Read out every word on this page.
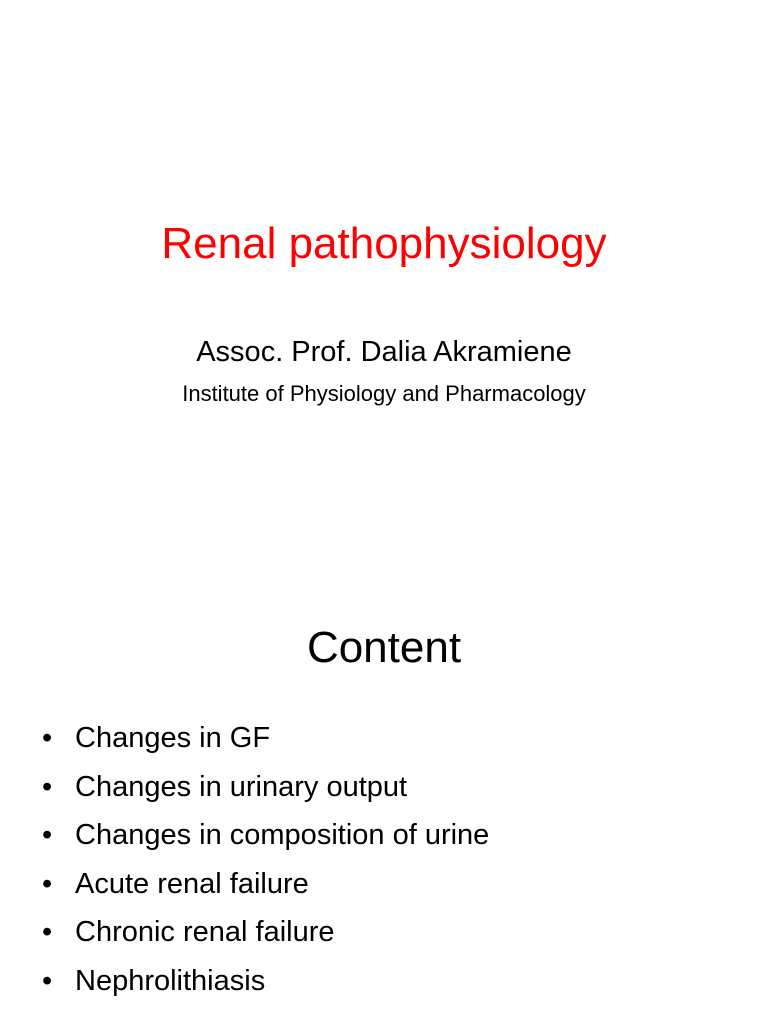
Renal pathophysiology

Assoc. Prof. Dalia Akramiene

Institute of Physiology and Pharmacology

Content
• Changes in GF
• Changes in urinary output
• Changes in composition of urine
• Acute renal failure
• Chronic renal failure
• Nephrolithiasis
